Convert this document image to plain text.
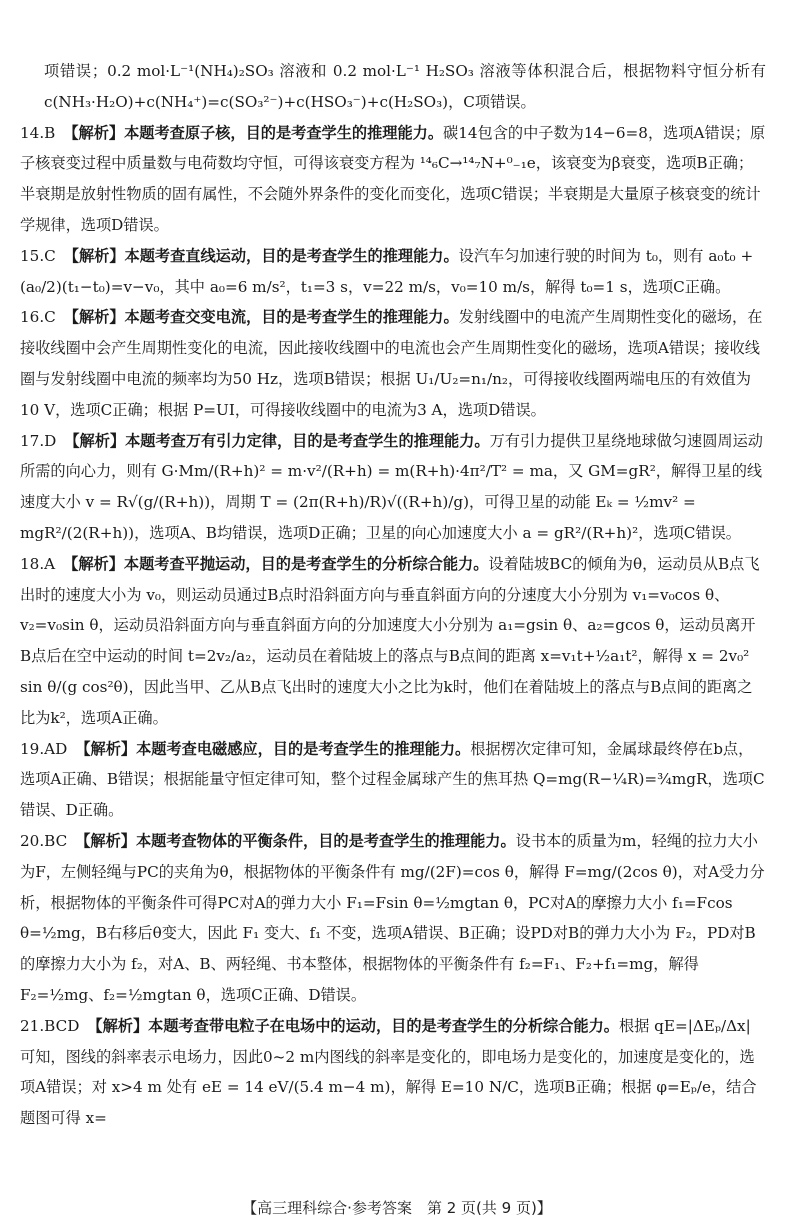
项错误；0.2 mol·L⁻¹(NH₄)₂SO₃ 溶液和 0.2 mol·L⁻¹ H₂SO₃ 溶液等体积混合后，根据物料守恒分析有 c(NH₃·H₂O)+c(NH₄⁺)=c(SO₃²⁻)+c(HSO₃⁻)+c(H₂SO₃)，C项错误。

14.B 【解析】本题考查原子核，目的是考查学生的推理能力。碳14包含的中子数为14−6=8，选项A错误；原子核衰变过程中质量数与电荷数均守恒，可得该衰变方程为 ¹⁴₆C→¹⁴₇N+⁰₋₁e，该衰变为β衰变，选项B正确；半衰期是放射性物质的固有属性，不会随外界条件的变化而变化，选项C错误；半衰期是大量原子核衰变的统计学规律，选项D错误。
15.C 【解析】本题考查直线运动，目的是考查学生的推理能力。设汽车匀加速行驶的时间为 t₀，则有 a₀t₀ + (a₀/2)(t₁−t₀)=v−v₀，其中 a₀=6 m/s²，t₁=3 s，v=22 m/s，v₀=10 m/s，解得 t₀=1 s，选项C正确。
16.C 【解析】本题考查交变电流，目的是考查学生的推理能力。发射线圈中的电流产生周期性变化的磁场，在接收线圈中会产生周期性变化的电流，因此接收线圈中的电流也会产生周期性变化的磁场，选项A错误；接收线圈与发射线圈中电流的频率均为50 Hz，选项B错误；根据 U₁/U₂=n₁/n₂，可得接收线圈两端电压的有效值为10 V，选项C正确；根据 P=UI，可得接收线圈中的电流为3 A，选项D错误。
17.D 【解析】本题考查万有引力定律，目的是考查学生的推理能力。万有引力提供卫星绕地球做匀速圆周运动所需的向心力，则有 G·Mm/(R+h)² = m·v²/(R+h) = m(R+h)·4π²/T² = ma，又 GM=gR²，解得卫星的线速度大小 v = R√(g/(R+h))，周期 T = (2π(R+h)/R)√((R+h)/g)，可得卫星的动能 Eₖ = ½mv² = mgR²/(2(R+h))，选项A、B均错误，选项D正确；卫星的向心加速度大小 a = gR²/(R+h)²，选项C错误。
18.A 【解析】本题考查平抛运动，目的是考查学生的分析综合能力。设着陆坡BC的倾角为θ，运动员从B点飞出时的速度大小为 v₀，则运动员通过B点时沿斜面方向与垂直斜面方向的分速度大小分别为 v₁=v₀cos θ、v₂=v₀sin θ，运动员沿斜面方向与垂直斜面方向的分加速度大小分别为 a₁=gsin θ、a₂=gcos θ，运动员离开B点后在空中运动的时间 t=2v₂/a₂，运动员在着陆坡上的落点与B点间的距离 x=v₁t+½a₁t²，解得 x = 2v₀² sin θ/(g cos²θ)，因此当甲、乙从B点飞出时的速度大小之比为k时，他们在着陆坡上的落点与B点间的距离之比为k²，选项A正确。
19.AD 【解析】本题考查电磁感应，目的是考查学生的推理能力。根据楞次定律可知，金属球最终停在b点，选项A正确、B错误；根据能量守恒定律可知，整个过程金属球产生的焦耳热 Q=mg(R−¼R)=¾mgR，选项C错误、D正确。
20.BC 【解析】本题考查物体的平衡条件，目的是考查学生的推理能力。设书本的质量为m，轻绳的拉力大小为F，左侧轻绳与PC的夹角为θ，根据物体的平衡条件有 mg/(2F)=cos θ，解得 F=mg/(2cos θ)，对A受力分析，根据物体的平衡条件可得PC对A的弹力大小 F₁=Fsin θ=½mgtan θ，PC对A的摩擦力大小 f₁=Fcos θ=½mg，B右移后θ变大，因此 F₁ 变大、f₁ 不变，选项A错误、B正确；设PD对B的弹力大小为 F₂，PD对B的摩擦力大小为 f₂，对A、B、两轻绳、书本整体，根据物体的平衡条件有 f₂=F₁、F₂+f₁=mg，解得 F₂=½mg、f₂=½mgtan θ，选项C正确、D错误。
21.BCD 【解析】本题考查带电粒子在电场中的运动，目的是考查学生的分析综合能力。根据 qE=|ΔEₚ/Δx| 可知，图线的斜率表示电场力，因此0~2 m内图线的斜率是变化的，即电场力是变化的，加速度是变化的，选项A错误；对 x>4 m 处有 eE = 14 eV/(5.4 m−4 m)，解得 E=10 N/C，选项B正确；根据 φ=Eₚ/e，结合题图可得 x=
【高三理科综合·参考答案　第 2 页(共 9 页)】
